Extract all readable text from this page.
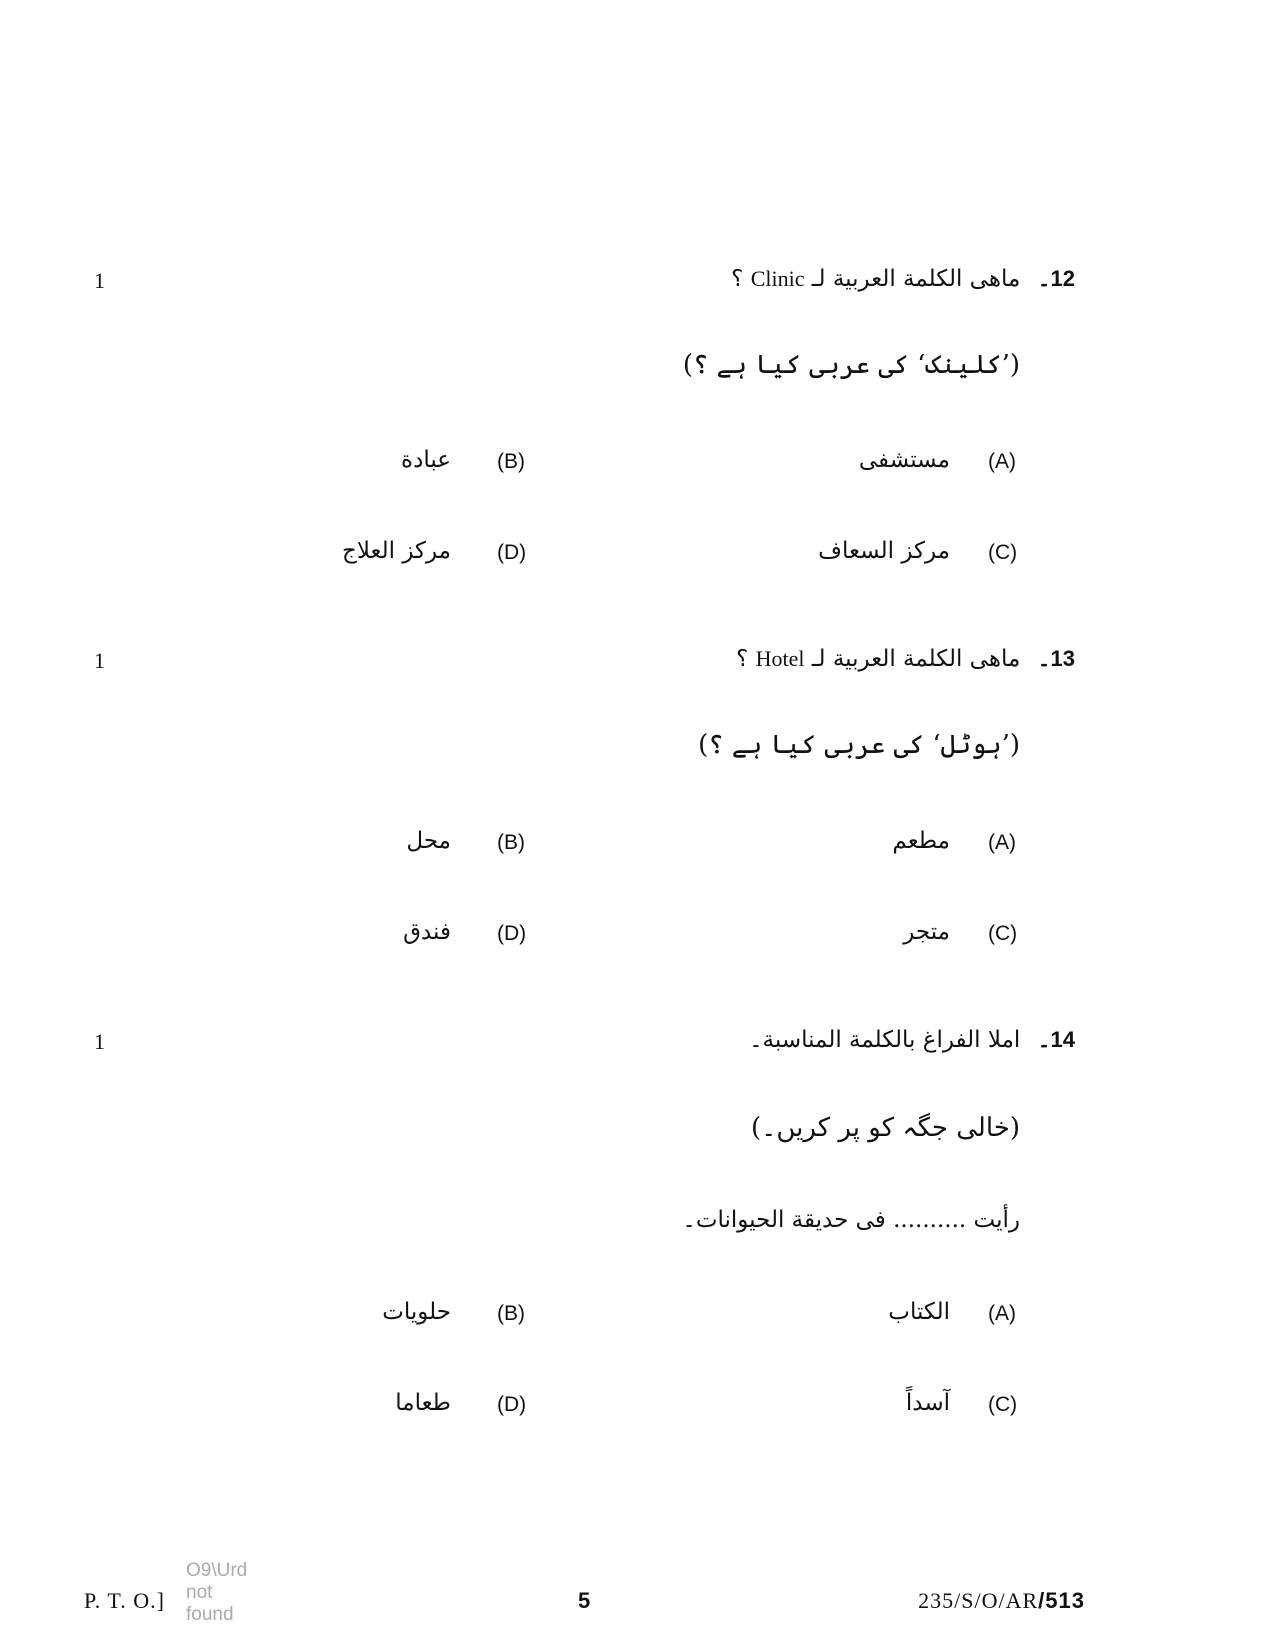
1	12۔ ماهى الكلمة العربية لـ Clinic ؟
(’کلینک‘ کی عربی کیا ہے ؟)
(A)
مستشفى
(B)
عبادة
(C)
مركز السعاف
(D)
مركز العلاج
1	13۔ ماهى الكلمة العربية لـ Hotel ؟
(’ہوٹل‘ کی عربی کیا ہے ؟)
(A)
مطعم
(B)
محل
(C)
متجر
(D)
فندق
1	14۔ املا الفراغ بالكلمة المناسبة۔
(خالی جگہ کو پر کریں۔)
رأيت .......... فى حديقة الحيوانات۔
(A)
الكتاب
(B)
حلويات
(C)
آسداً
(D)
طعاما
P. T. O.]
O9\Urd
not
found
5	235/S/O/AR/513
